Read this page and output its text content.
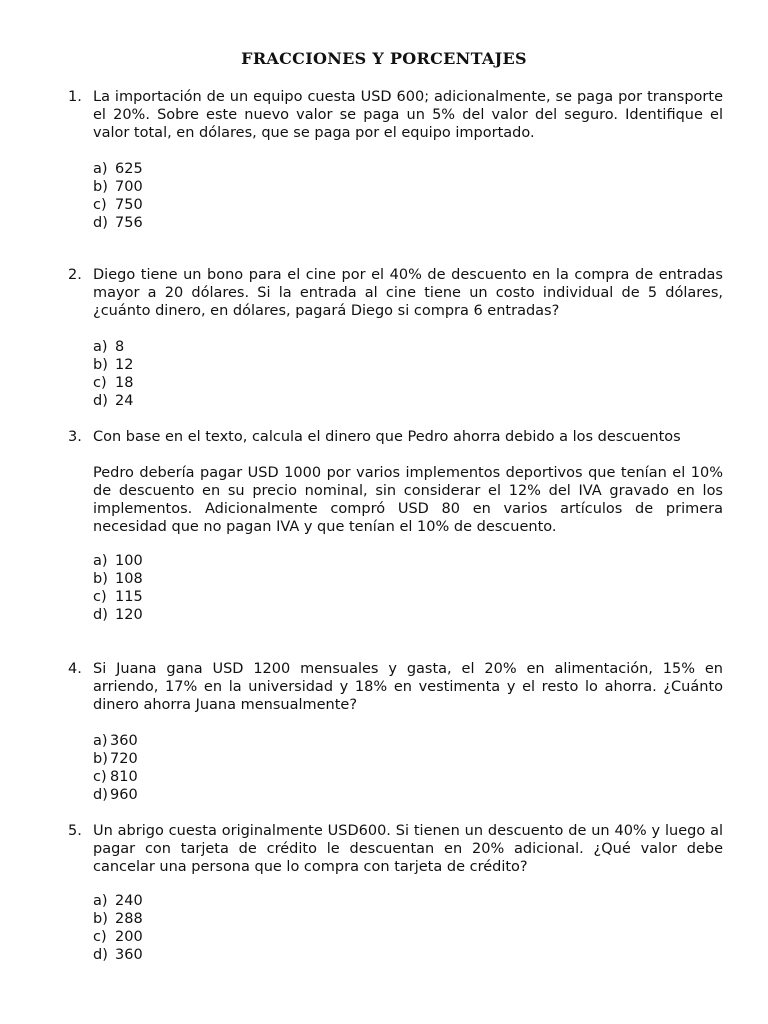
FRACCIONES Y PORCENTAJES
1. La importación de un equipo cuesta USD 600; adicionalmente, se paga por transporte el 20%. Sobre este nuevo valor se paga un 5% del valor del seguro. Identifique el valor total, en dólares, que se paga por el equipo importado.
a) 625
b) 700
c) 750
d) 756
2. Diego tiene un bono para el cine por el 40% de descuento en la compra de entradas mayor a 20 dólares. Si la entrada al cine tiene un costo individual de 5 dólares, ¿cuánto dinero, en dólares, pagará Diego si compra 6 entradas?
a) 8
b) 12
c) 18
d) 24
3. Con base en el texto, calcula el dinero que Pedro ahorra debido a los descuentos
Pedro debería pagar USD 1000 por varios implementos deportivos que tenían el 10% de descuento en su precio nominal, sin considerar el 12% del IVA gravado en los implementos. Adicionalmente compró USD 80 en varios artículos de primera necesidad que no pagan IVA y que tenían el 10% de descuento.
a) 100
b) 108
c) 115
d) 120
4. Si Juana gana USD 1200 mensuales y gasta, el 20% en alimentación, 15% en arriendo, 17% en la universidad y 18% en vestimenta y el resto lo ahorra. ¿Cuánto dinero ahorra Juana mensualmente?
a) 360
b) 720
c) 810
d) 960
5. Un abrigo cuesta originalmente USD600. Si tienen un descuento de un 40% y luego al pagar con tarjeta de crédito le descuentan en 20% adicional. ¿Qué valor debe cancelar una persona que lo compra con tarjeta de crédito?
a) 240
b) 288
c) 200
d) 360
